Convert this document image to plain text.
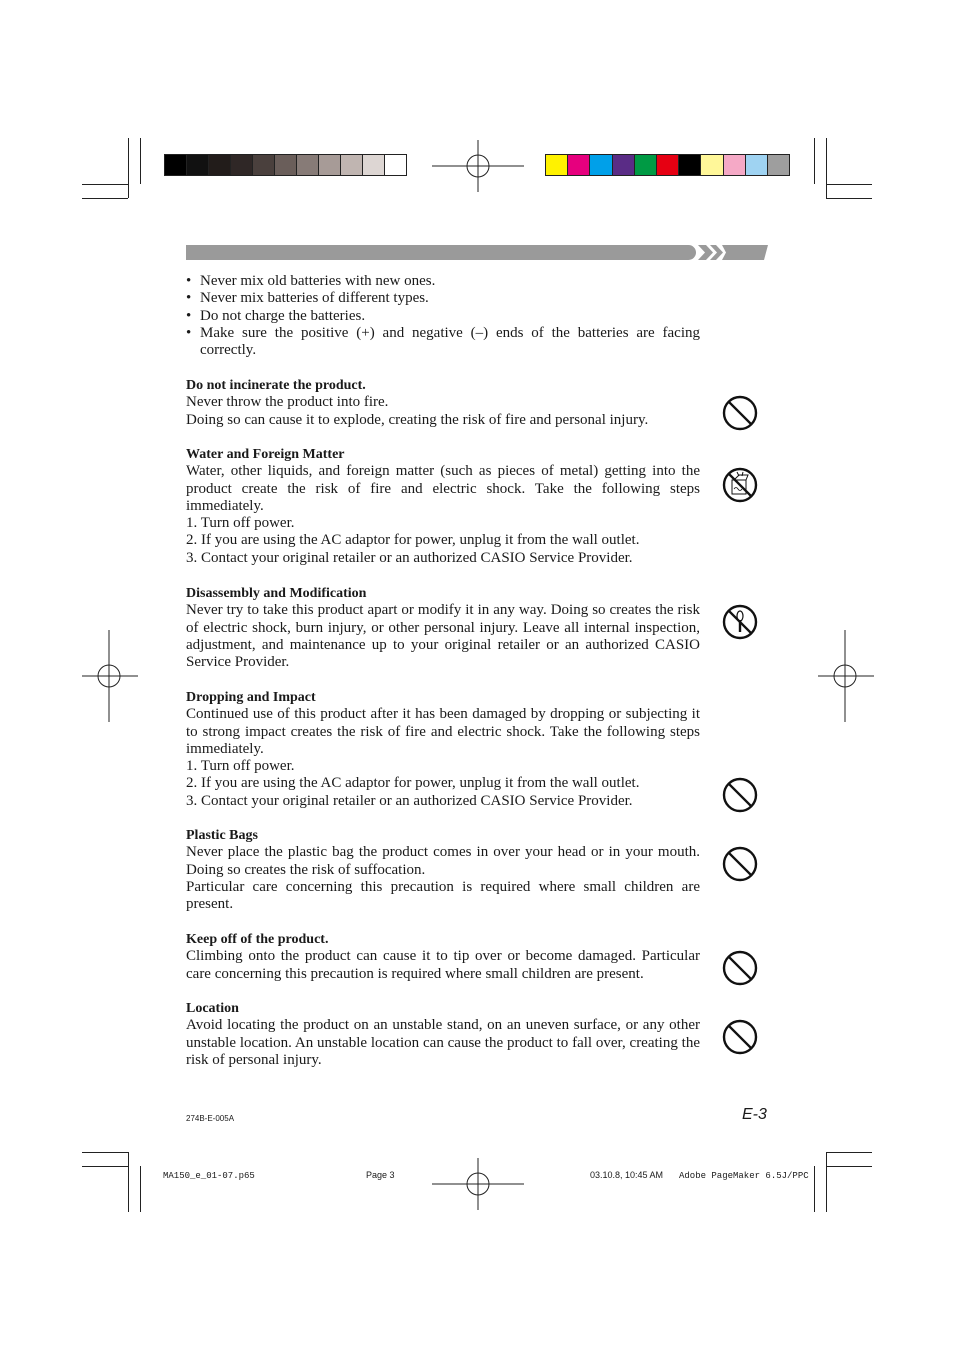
• Never mix old batteries with new ones.
• Never mix batteries of different types.
• Do not charge the batteries.
• Make sure the positive (+) and negative (–) ends of the batteries are facing correctly.
Do not incinerate the product.
Never throw the product into fire.
Doing so can cause it to explode, creating the risk of fire and personal injury.
Water and Foreign Matter
Water, other liquids, and foreign matter (such as pieces of metal) getting into the product create the risk of fire and electric shock. Take the following steps immediately.
1. Turn off power.
2. If you are using the AC adaptor for power, unplug it from the wall outlet.
3. Contact your original retailer or an authorized CASIO Service Provider.
Disassembly and Modification
Never try to take this product apart or modify it in any way. Doing so creates the risk of electric shock, burn injury, or other personal injury. Leave all internal inspection, adjustment, and maintenance up to your original retailer or an authorized CASIO Service Provider.
Dropping and Impact
Continued use of this product after it has been damaged by dropping or subjecting it to strong impact creates the risk of fire and electric shock. Take the following steps immediately.
1. Turn off power.
2. If you are using the AC adaptor for power, unplug it from the wall outlet.
3. Contact your original retailer or an authorized CASIO Service Provider.
Plastic Bags
Never place the plastic bag the product comes in over your head or in your mouth. Doing so creates the risk of suffocation.
Particular care concerning this precaution is required where small children are present.
Keep off of the product.
Climbing onto the product can cause it to tip over or become damaged. Particular care concerning this precaution is required where small children are present.
Location
Avoid locating the product on an unstable stand, on an uneven surface, or any other unstable location. An unstable location can cause the product to fall over, creating the risk of personal injury.
274B-E-005A	E-3
MA150_e_01-07.p65	Page 3	03.10.8, 10:45 AM Adobe PageMaker 6.5J/PPC
